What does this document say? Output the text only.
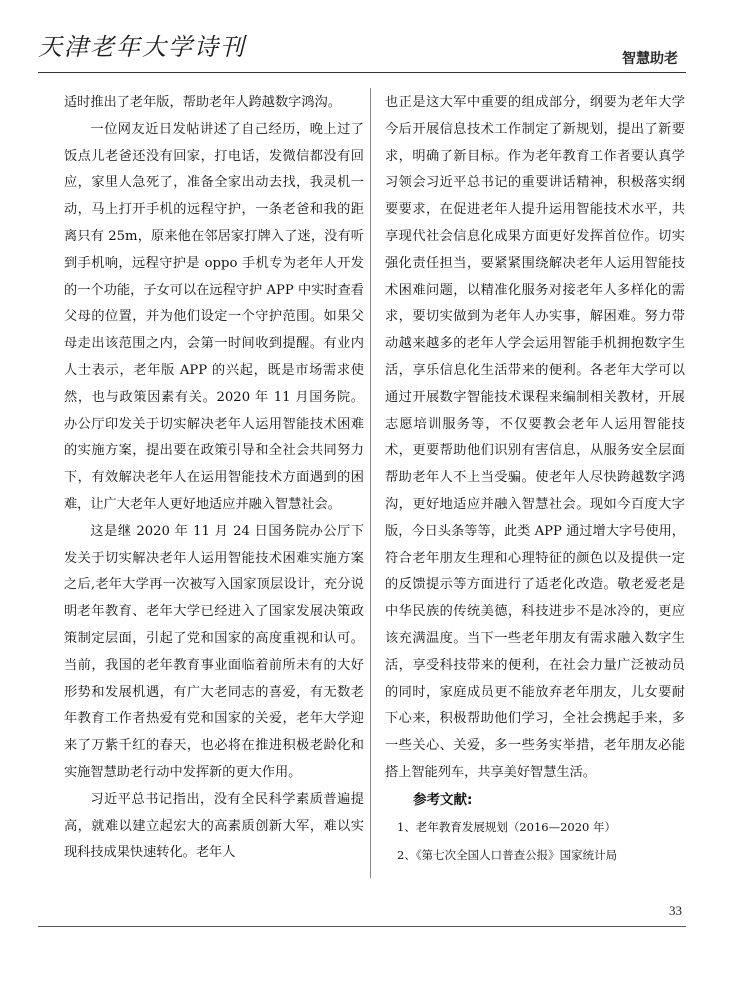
天津老年大学诗刊	智慧助老

适时推出了老年版，帮助老年人跨越数字鸿沟。

一位网友近日发帖讲述了自己经历，晚上过了饭点儿老爸还没有回家，打电话，发微信都没有回应，家里人急死了，准备全家出动去找，我灵机一动，马上打开手机的远程守护，一条老爸和我的距离只有 25m，原来他在邻居家打牌入了迷，没有听到手机响，远程守护是 oppo 手机专为老年人开发的一个功能，子女可以在远程守护 APP 中实时查看父母的位置，并为他们设定一个守护范围。如果父母走出该范围之内，会第一时间收到提醒。有业内人士表示，老年版 APP 的兴起，既是市场需求使然，也与政策因素有关。2020 年 11 月国务院。办公厅印发关于切实解决老年人运用智能技术困难的实施方案，提出要在政策引导和全社会共同努力下，有效解决老年人在运用智能技术方面遇到的困难，让广大老年人更好地适应并融入智慧社会。

这是继 2020 年 11 月 24 日国务院办公厅下发关于切实解决老年人运用智能技术困难实施方案之后,老年大学再一次被写入国家顶层设计，充分说明老年教育、老年大学已经进入了国家发展决策政策制定层面，引起了党和国家的高度重视和认可。当前，我国的老年教育事业面临着前所未有的大好形势和发展机遇，有广大老同志的喜爱，有无数老年教育工作者热爱有党和国家的关爱，老年大学迎来了万紫千红的春天，也必将在推进积极老龄化和实施智慧助老行动中发挥新的更大作用。

习近平总书记指出，没有全民科学素质普遍提高，就难以建立起宏大的高素质创新大军，难以实现科技成果快速转化。老年人

也正是这大军中重要的组成部分，纲要为老年大学今后开展信息技术工作制定了新规划，提出了新要求，明确了新目标。作为老年教育工作者要认真学习领会习近平总书记的重要讲话精神，积极落实纲要要求，在促进老年人提升运用智能技术水平，共享现代社会信息化成果方面更好发挥首位作。切实强化责任担当，要紧紧围绕解决老年人运用智能技术困难问题，以精准化服务对接老年人多样化的需求，要切实做到为老年人办实事，解困难。努力带动越来越多的老年人学会运用智能手机拥抱数字生活，享乐信息化生活带来的便利。各老年大学可以通过开展数字智能技术课程来编制相关教材，开展志愿培训服务等，不仅要教会老年人运用智能技术，更要帮助他们识别有害信息，从服务安全层面帮助老年人不上当受骗。使老年人尽快跨越数字鸿沟，更好地适应并融入智慧社会。现如今百度大字版，今日头条等等，此类 APP 通过增大字号使用，符合老年朋友生理和心理特征的颜色以及提供一定的反馈提示等方面进行了适老化改造。敬老爱老是中华民族的传统美德，科技进步不是冰冷的，更应该充满温度。当下一些老年朋友有需求融入数字生活，享受科技带来的便利，在社会力量广泛被动员的同时，家庭成员更不能放弃老年朋友，儿女要耐下心来，积极帮助他们学习，全社会携起手来，多一些关心、关爱，多一些务实举措，老年朋友必能搭上智能列车，共享美好智慧生活。

参考文献:
1、老年教育发展规划（2016—2020 年）
2、《第七次全国人口普查公报》国家统计局
33
